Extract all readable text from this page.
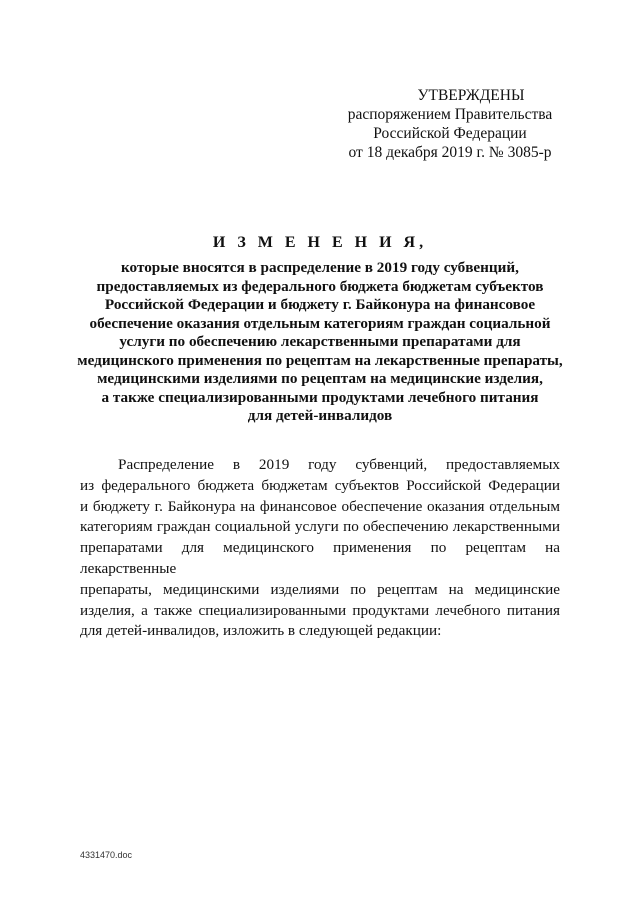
УТВЕРЖДЕНЫ
распоряжением Правительства
Российской Федерации
от 18 декабря 2019 г. № 3085-р
И З М Е Н Е Н И Я,
которые вносятся в распределение в 2019 году субвенций,
предоставляемых из федерального бюджета бюджетам субъектов
Российской Федерации и бюджету г. Байконура на финансовое
обеспечение оказания отдельным категориям граждан социальной
услуги по обеспечению лекарственными препаратами для
медицинского применения по рецептам на лекарственные препараты,
медицинскими изделиями по рецептам на медицинские изделия,
а также специализированными продуктами лечебного питания
для детей-инвалидов
Распределение в 2019 году субвенций, предоставляемых
из федерального бюджета бюджетам субъектов Российской Федерации
и бюджету г. Байконура на финансовое обеспечение оказания отдельным
категориям граждан социальной услуги по обеспечению лекарственными
препаратами для медицинского применения по рецептам на лекарственные
препараты, медицинскими изделиями по рецептам на медицинские
изделия, а также специализированными продуктами лечебного питания
для детей-инвалидов, изложить в следующей редакции:
4331470.doc
